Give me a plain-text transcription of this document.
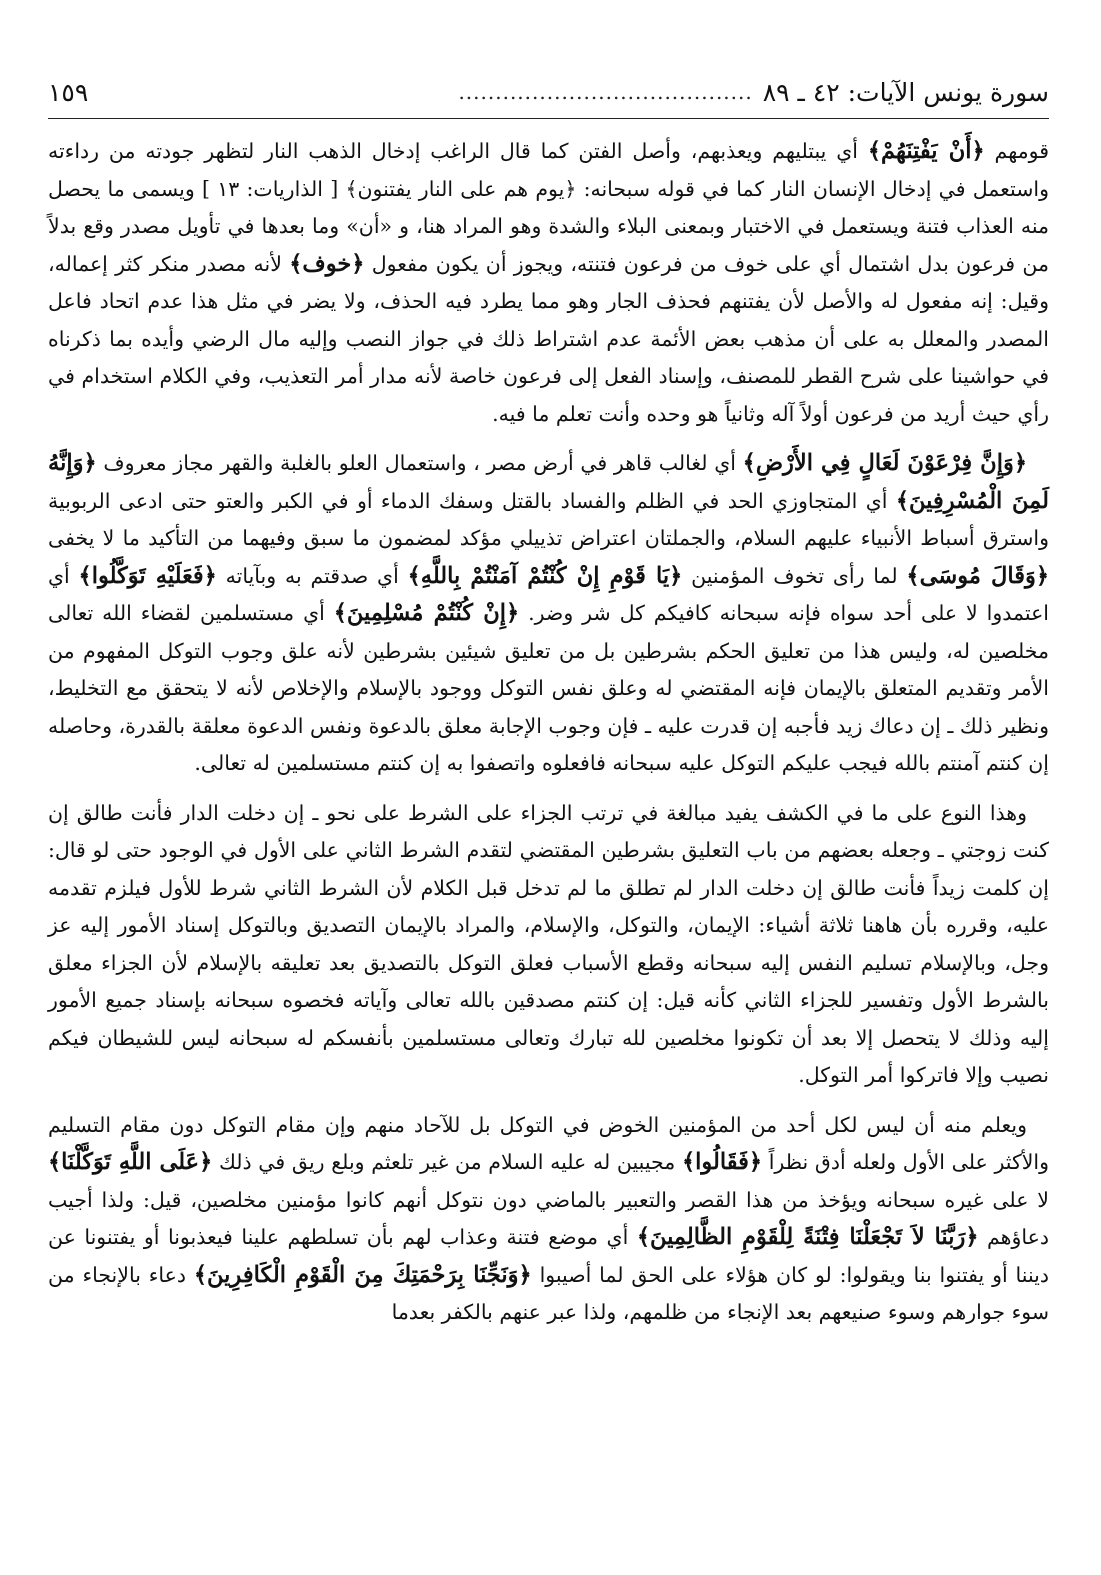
سورة يونس الآيات: ٤٢ ـ ٨٩
........................................
١٥٩

قومهم ﴿أَنْ يَفْتِنَهُمْ﴾ أي يبتليهم ويعذبهم، وأصل الفتن كما قال الراغب إدخال الذهب النار لتظهر جودته من رداءته واستعمل في إدخال الإنسان النار كما في قوله سبحانه: ﴿يوم هم على النار يفتنون﴾ [ الذاريات: ١٣ ] ويسمى ما يحصل منه العذاب فتنة ويستعمل في الاختبار وبمعنى البلاء والشدة وهو المراد هنا، و «أن» وما بعدها في تأويل مصدر وقع بدلاً من فرعون بدل اشتمال أي على خوف من فرعون فتنته، ويجوز أن يكون مفعول ﴿خوف﴾ لأنه مصدر منكر كثر إعماله، وقيل: إنه مفعول له والأصل لأن يفتنهم فحذف الجار وهو مما يطرد فيه الحذف، ولا يضر في مثل هذا عدم اتحاد فاعل المصدر والمعلل به على أن مذهب بعض الأئمة عدم اشتراط ذلك في جواز النصب وإليه مال الرضي وأيده بما ذكرناه في حواشينا على شرح القطر للمصنف، وإسناد الفعل إلى فرعون خاصة لأنه مدار أمر التعذيب، وفي الكلام استخدام في رأي حيث أريد من فرعون أولاً آله وثانياً هو وحده وأنت تعلم ما فيه.

﴿وَإِنَّ فِرْعَوْنَ لَعَالٍ فِي الأَرْضِ﴾ أي لغالب قاهر في أرض مصر ، واستعمال العلو بالغلبة والقهر مجاز معروف ﴿وَإِنَّهُ لَمِنَ الْمُسْرِفِينَ﴾ أي المتجاوزي الحد في الظلم والفساد بالقتل وسفك الدماء أو في الكبر والعتو حتى ادعى الربوبية واسترق أسباط الأنبياء عليهم السلام، والجملتان اعتراض تذييلي مؤكد لمضمون ما سبق وفيهما من التأكيد ما لا يخفى ﴿وَقَالَ مُوسَى﴾ لما رأى تخوف المؤمنين ﴿يَا قَوْمِ إِنْ كُنْتُمْ آمَنْتُمْ بِاللَّهِ﴾ أي صدقتم به وبآياته ﴿فَعَلَيْهِ تَوَكَّلُوا﴾ أي اعتمدوا لا على أحد سواه فإنه سبحانه كافيكم كل شر وضر. ﴿إِنْ كُنْتُمْ مُسْلِمِينَ﴾ أي مستسلمين لقضاء الله تعالى مخلصين له، وليس هذا من تعليق الحكم بشرطين بل من تعليق شيئين بشرطين لأنه علق وجوب التوكل المفهوم من الأمر وتقديم المتعلق بالإيمان فإنه المقتضي له وعلق نفس التوكل ووجود بالإسلام والإخلاص لأنه لا يتحقق مع التخليط، ونظير ذلك ـ إن دعاك زيد فأجبه إن قدرت عليه ـ فإن وجوب الإجابة معلق بالدعوة ونفس الدعوة معلقة بالقدرة، وحاصله إن كنتم آمنتم بالله فيجب عليكم التوكل عليه سبحانه فافعلوه واتصفوا به إن كنتم مستسلمين له تعالى.

وهذا النوع على ما في الكشف يفيد مبالغة في ترتب الجزاء على الشرط على نحو ـ إن دخلت الدار فأنت طالق إن كنت زوجتي ـ وجعله بعضهم من باب التعليق بشرطين المقتضي لتقدم الشرط الثاني على الأول في الوجود حتى لو قال: إن كلمت زيداً فأنت طالق إن دخلت الدار لم تطلق ما لم تدخل قبل الكلام لأن الشرط الثاني شرط للأول فيلزم تقدمه عليه، وقرره بأن هاهنا ثلاثة أشياء: الإيمان، والتوكل، والإسلام، والمراد بالإيمان التصديق وبالتوكل إسناد الأمور إليه عز وجل، وبالإسلام تسليم النفس إليه سبحانه وقطع الأسباب فعلق التوكل بالتصديق بعد تعليقه بالإسلام لأن الجزاء معلق بالشرط الأول وتفسير للجزاء الثاني كأنه قيل: إن كنتم مصدقين بالله تعالى وآياته فخصوه سبحانه بإسناد جميع الأمور إليه وذلك لا يتحصل إلا بعد أن تكونوا مخلصين لله تبارك وتعالى مستسلمين بأنفسكم له سبحانه ليس للشيطان فيكم نصيب وإلا فاتركوا أمر التوكل.

ويعلم منه أن ليس لكل أحد من المؤمنين الخوض في التوكل بل للآحاد منهم وإن مقام التوكل دون مقام التسليم والأكثر على الأول ولعله أدق نظراً ﴿فَقَالُوا﴾ مجيبين له عليه السلام من غير تلعثم وبلع ريق في ذلك ﴿عَلَى اللَّهِ تَوَكَّلْنَا﴾ لا على غيره سبحانه ويؤخذ من هذا القصر والتعبير بالماضي دون نتوكل أنهم كانوا مؤمنين مخلصين، قيل: ولذا أجيب دعاؤهم ﴿رَبَّنَا لاَ تَجْعَلْنَا فِتْنَةً لِلْقَوْمِ الظَّالِمِينَ﴾ أي موضع فتنة وعذاب لهم بأن تسلطهم علينا فيعذبونا أو يفتنونا عن ديننا أو يفتنوا بنا ويقولوا: لو كان هؤلاء على الحق لما أصيبوا ﴿وَنَجِّنَا بِرَحْمَتِكَ مِنَ الْقَوْمِ الْكَافِرِينَ﴾ دعاء بالإنجاء من سوء جوارهم وسوء صنيعهم بعد الإنجاء من ظلمهم، ولذا عبر عنهم بالكفر بعدما
